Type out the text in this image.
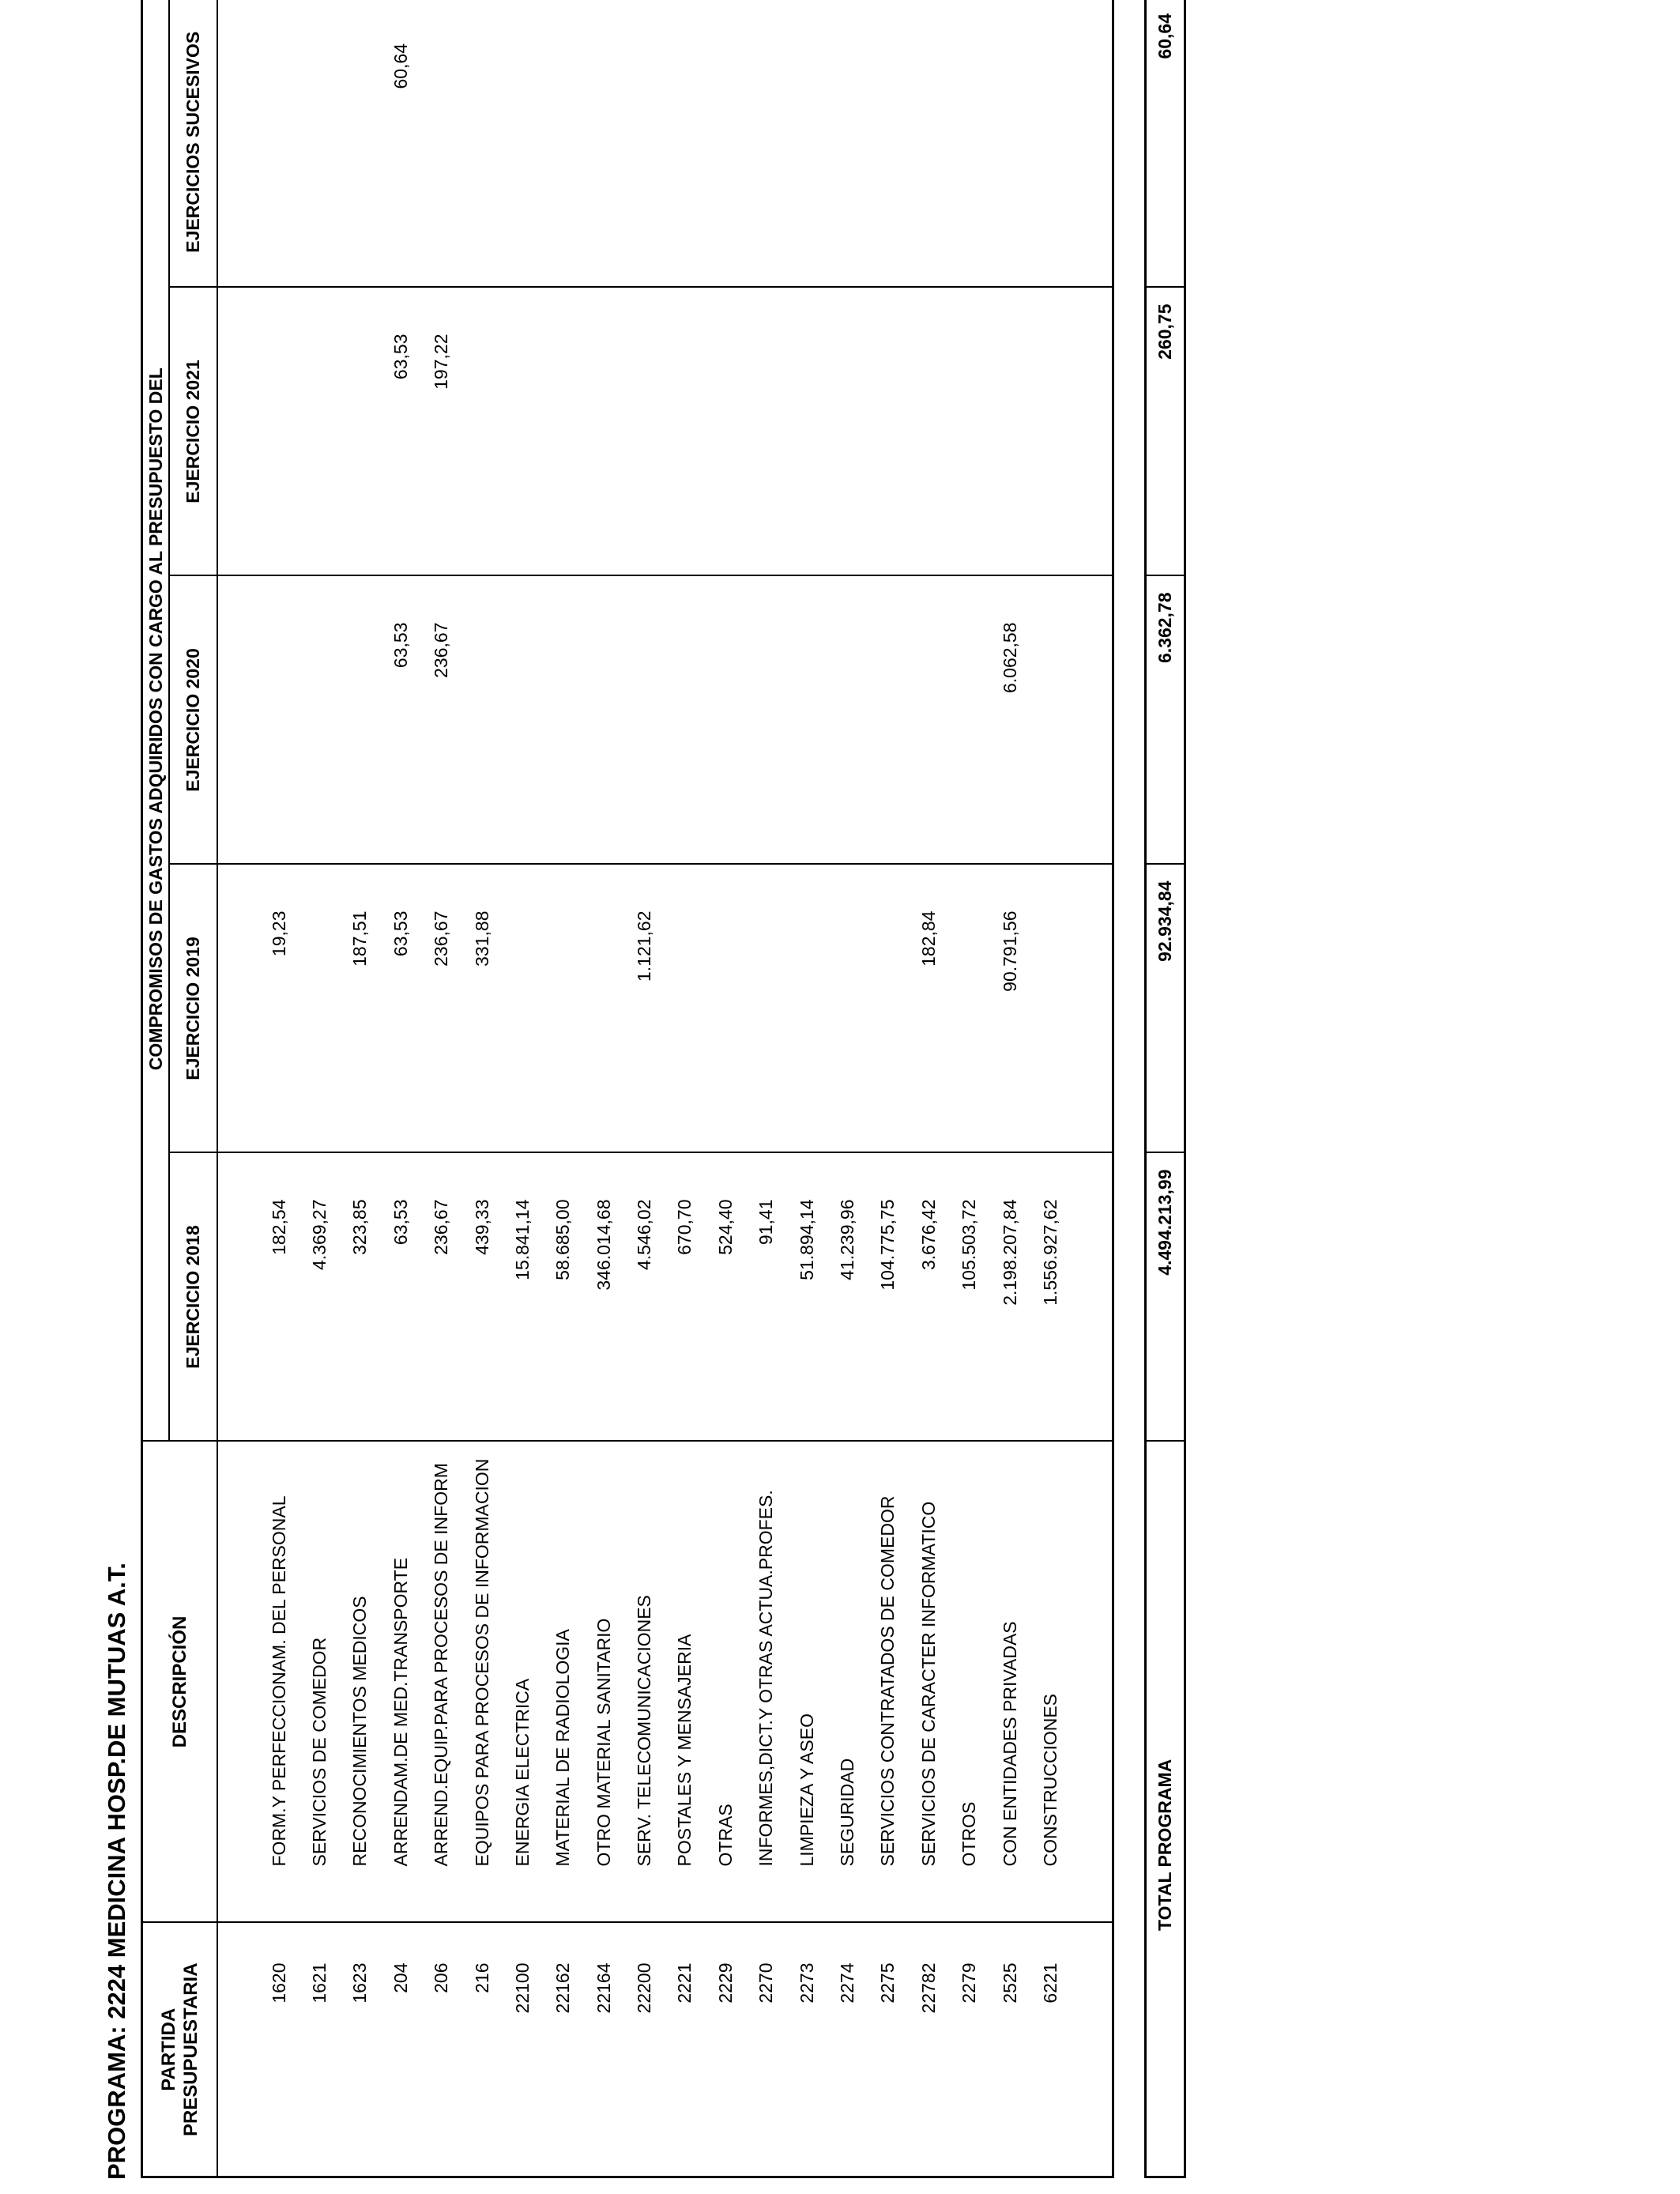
PROGRAMA: 2224 MEDICINA HOSP.DE MUTUAS A.T. PARTIDA PRESUPUESTARIA	DESCRIPCIÓN	COMPROMISOS DE GASTOS ADQUIRIDOS CON CARGO AL PRESUPUESTO DEL				
		EJERCICIO 2018	EJERCICIO 2019	EJERCICIO 2020	EJERCICIO 2021	EJERCICIOS SUCESIVOS

1620	FORM.Y PERFECCIONAM. DEL PERSONAL	182,54	19,23			
1621	SERVICIOS DE COMEDOR	4.369,27				
1623	RECONOCIMIENTOS MEDICOS	323,85	187,51			
204	ARRENDAM.DE MED.TRANSPORTE	63,53	63,53	63,53	63,53	60,64
206	ARREND.EQUIP.PARA PROCESOS DE INFORM	236,67	236,67	236,67	197,22	
216	EQUIPOS PARA PROCESOS DE INFORMACION	439,33	331,88			
22100	ENERGIA ELECTRICA	15.841,14				
22162	MATERIAL DE RADIOLOGIA	58.685,00				
22164	OTRO MATERIAL SANITARIO	346.014,68				
22200	SERV. TELECOMUNICACIONES	4.546,02	1.121,62			
2221	POSTALES Y MENSAJERIA	670,70				
2229	OTRAS	524,40				
2270	INFORMES,DICT.Y OTRAS ACTUA.PROFES.	91,41				
2273	LIMPIEZA Y ASEO	51.894,14				
2274	SEGURIDAD	41.239,96				
2275	SERVICIOS CONTRATADOS DE COMEDOR	104.775,75				
22782	SERVICIOS DE CARACTER INFORMATICO	3.676,42	182,84			
2279	OTROS	105.503,72				
2525	CON ENTIDADES PRIVADAS	2.198.207,84	90.791,56	6.062,58		
6221	CONSTRUCCIONES	1.556.927,62				

TOTAL PROGRAMA	4.494.213,99	92.934,84	6.362,78	260,75	60,64
